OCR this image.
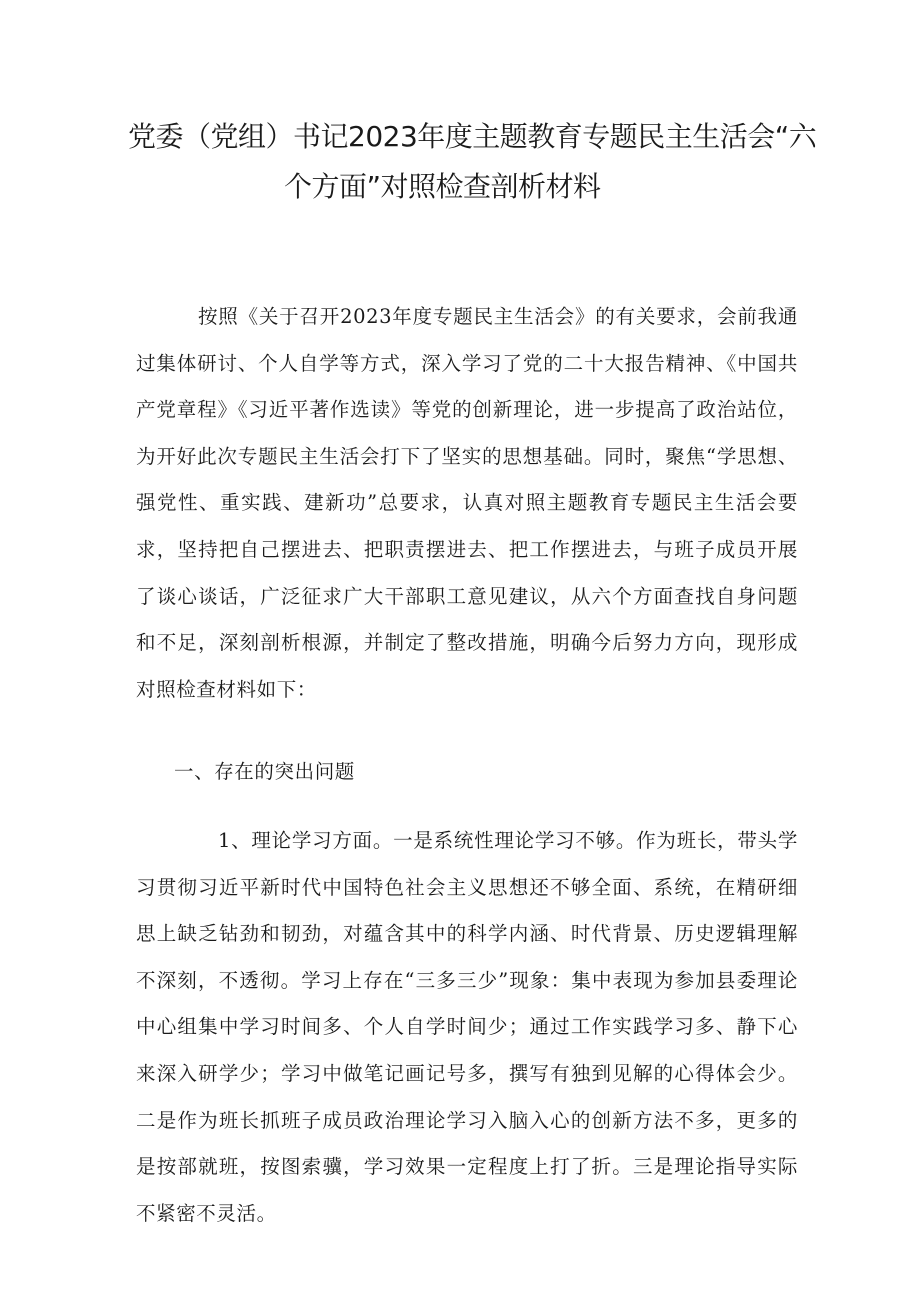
党委（党组）书记2023年度主题教育专题民主生活会“六
个方面”对照检查剖析材料

按照《关于召开2023年度专题民主生活会》的有关要求，会前我通过集体研讨、个人自学等方式，深入学习了党的二十大报告精神、《中国共产党章程》《习近平著作选读》等党的创新理论，进一步提高了政治站位，为开好此次专题民主生活会打下了坚实的思想基础。同时，聚焦“学思想、强党性、重实践、建新功”总要求，认真对照主题教育专题民主生活会要求，坚持把自己摆进去、把职责摆进去、把工作摆进去，与班子成员开展了谈心谈话，广泛征求广大干部职工意见建议，从六个方面查找自身问题和不足，深刻剖析根源，并制定了整改措施，明确今后努力方向，现形成对照检查材料如下：

一、存在的突出问题

1、理论学习方面。一是系统性理论学习不够。作为班长，带头学习贯彻习近平新时代中国特色社会主义思想还不够全面、系统，在精研细思上缺乏钻劲和韧劲，对蕴含其中的科学内涵、时代背景、历史逻辑理解不深刻，不透彻。学习上存在“三多三少”现象：集中表现为参加县委理论中心组集中学习时间多、个人自学时间少；通过工作实践学习多、静下心来深入研学少；学习中做笔记画记号多，撰写有独到见解的心得体会少。二是作为班长抓班子成员政治理论学习入脑入心的创新方法不多，更多的是按部就班，按图索骥，学习效果一定程度上打了折。三是理论指导实际不紧密不灵活。
